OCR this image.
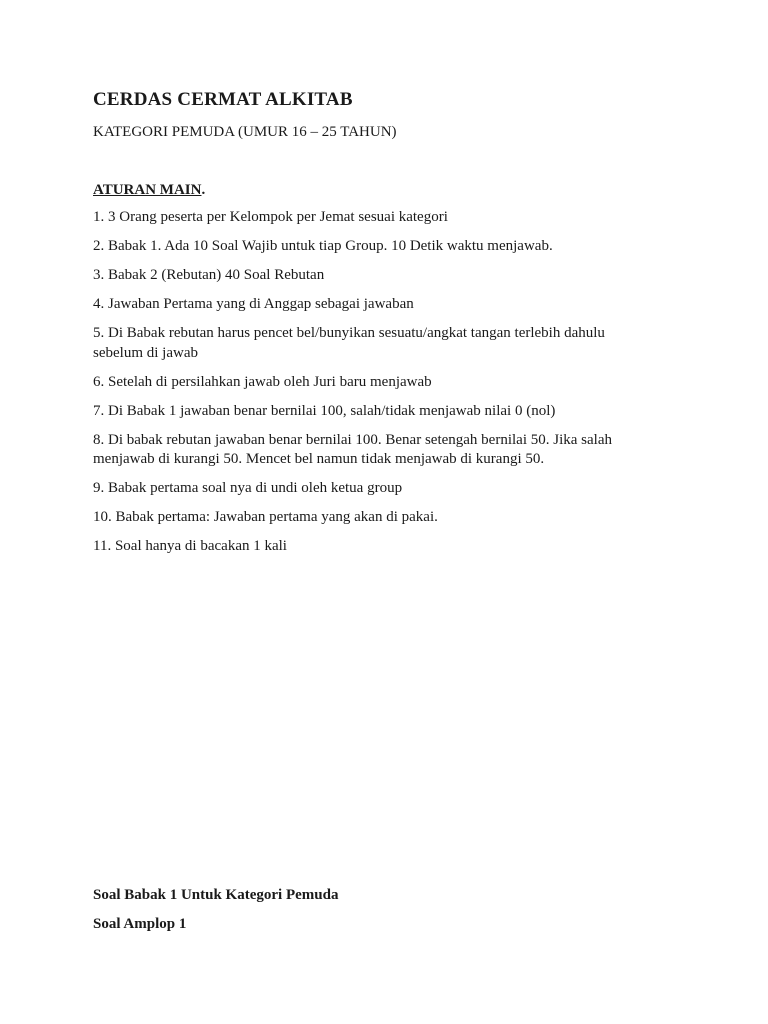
CERDAS CERMAT ALKITAB

KATEGORI PEMUDA (UMUR 16 – 25 TAHUN)

ATURAN MAIN.

1. 3 Orang peserta per Kelompok per Jemat sesuai kategori
2. Babak 1. Ada 10 Soal Wajib untuk tiap Group. 10 Detik waktu menjawab.
3. Babak 2 (Rebutan) 40 Soal Rebutan
4. Jawaban Pertama yang di Anggap sebagai jawaban
5. Di Babak rebutan harus pencet bel/bunyikan sesuatu/angkat tangan terlebih dahulu sebelum di jawab
6. Setelah di persilahkan jawab oleh Juri baru menjawab
7. Di Babak 1 jawaban benar bernilai 100, salah/tidak menjawab nilai 0 (nol)
8. Di babak rebutan jawaban benar bernilai 100. Benar setengah bernilai 50. Jika salah menjawab di kurangi 50. Mencet bel namun tidak menjawab di kurangi 50.
9. Babak pertama soal nya di undi oleh ketua group
10. Babak pertama: Jawaban pertama yang akan di pakai.
11. Soal hanya di bacakan 1 kali

Soal Babak 1 Untuk Kategori Pemuda

Soal Amplop 1
